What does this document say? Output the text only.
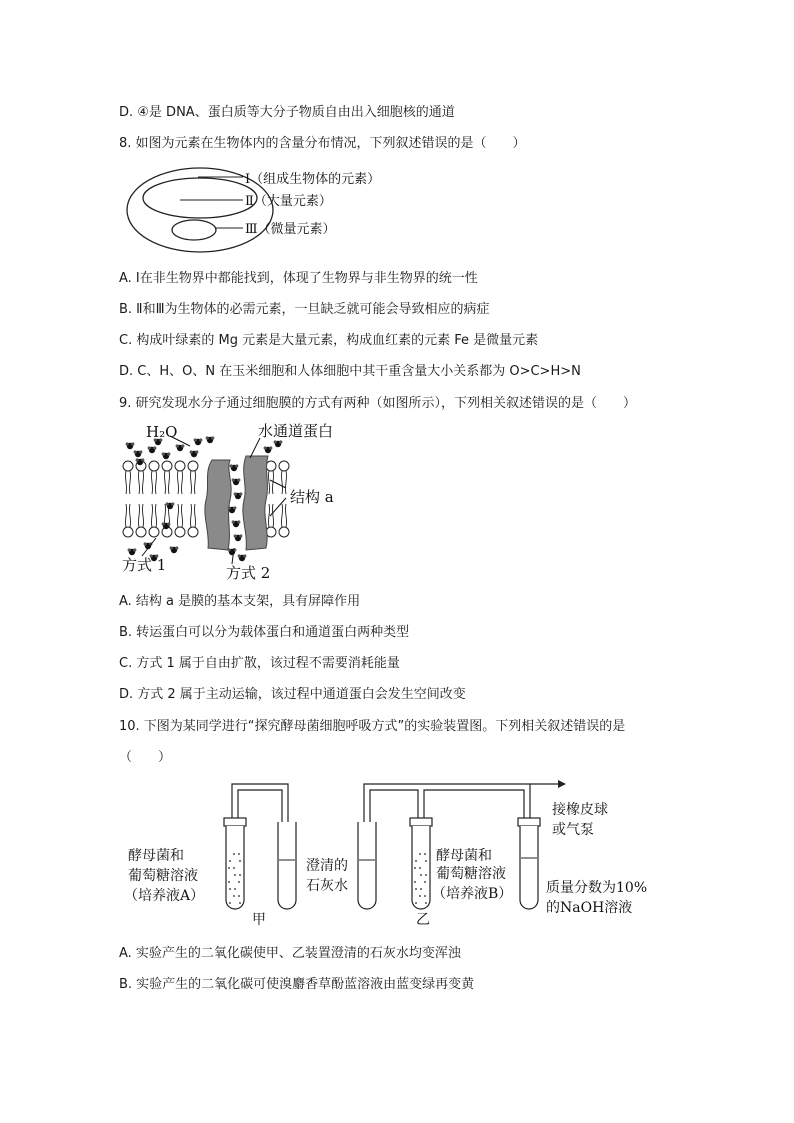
D. ④是 DNA、蛋白质等大分子物质自由出入细胞核的通道
8. 如图为元素在生物体内的含量分布情况，下列叙述错误的是（　　）
Ⅰ（组成生物体的元素）
Ⅱ（大量元素）
Ⅲ（微量元素）
A. Ⅰ在非生物界中都能找到，体现了生物界与非生物界的统一性
B. Ⅱ和Ⅲ为生物体的必需元素，一旦缺乏就可能会导致相应的病症
C. 构成叶绿素的 Mg 元素是大量元素，构成血红素的元素 Fe 是微量元素
D. C、H、O、N 在玉米细胞和人体细胞中其干重含量大小关系都为 O>C>H>N
9. 研究发现水分子通过细胞膜的方式有两种（如图所示），下列相关叙述错误的是（　　）
H₂O	水通道蛋白
结构 a
方式 1	方式 2
A. 结构 a 是膜的基本支架，具有屏障作用
B. 转运蛋白可以分为载体蛋白和通道蛋白两种类型
C. 方式 1 属于自由扩散，该过程不需要消耗能量
D. 方式 2 属于主动运输，该过程中通道蛋白会发生空间改变
10. 下图为某同学进行“探究酵母菌细胞呼吸方式”的实验装置图。下列相关叙述错误的是
（　　）
酵母菌和
葡萄糖溶液
（培养液A）
澄清的
石灰水
酵母菌和
葡萄糖溶液
（培养液B）
接橡皮球
或气泵
质量分数为10%
的NaOH溶液
甲	乙
A. 实验产生的二氧化碳使甲、乙装置澄清的石灰水均变浑浊
B. 实验产生的二氧化碳可使溴麝香草酚蓝溶液由蓝变绿再变黄
